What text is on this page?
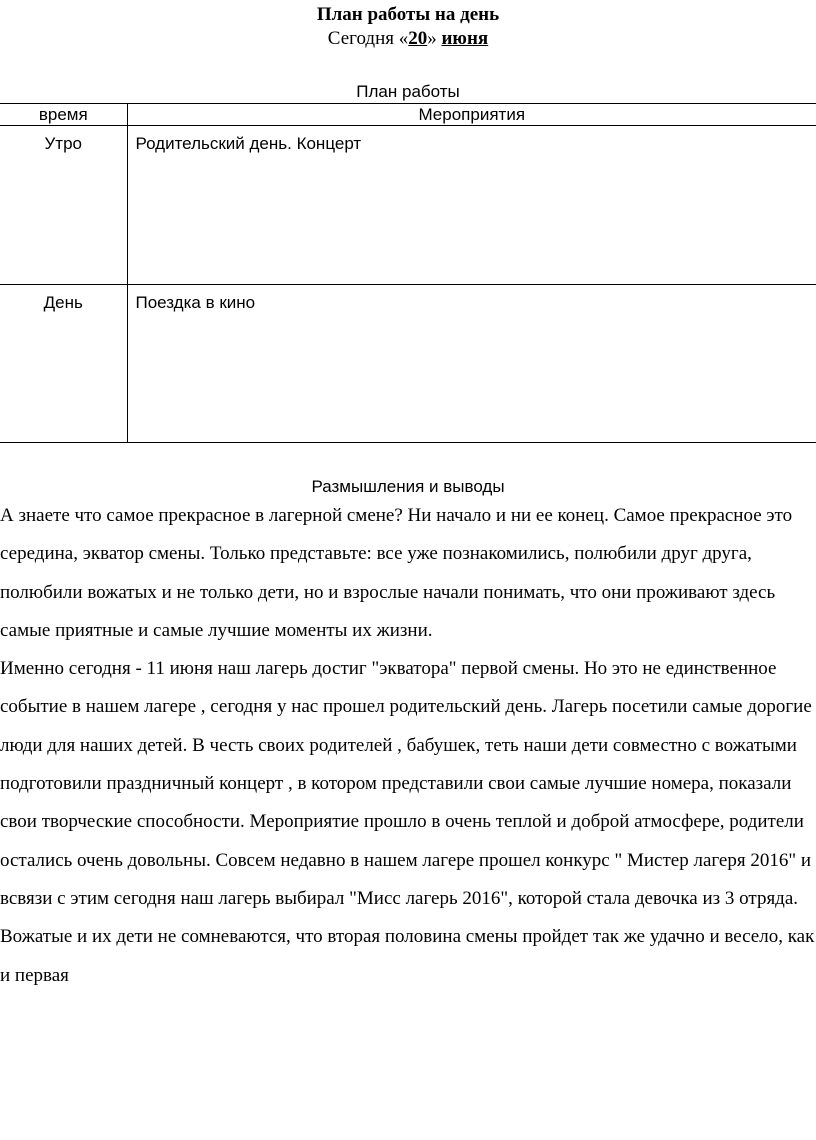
План работы на день
Сегодня «20» июня
План работы
время	Мероприятия
Утро	Родительский день. Концерт
День	Поездка в кино
Размышления и выводы

А знаете что самое прекрасное в лагерной смене? Ни начало и ни ее конец. Самое прекрасное это середина, экватор смены. Только представьте: все уже познакомились, полюбили друг друга, полюбили вожатых и не только дети, но и взрослые начали понимать, что они проживают здесь самые приятные и самые лучшие моменты их жизни.

Именно сегодня - 11 июня наш лагерь достиг "экватора" первой смены. Но это не единственное событие в нашем лагере , сегодня у нас прошел родительский день. Лагерь посетили самые дорогие люди для наших детей. В честь своих родителей , бабушек, теть наши дети совместно с вожатыми подготовили праздничный концерт , в котором представили свои самые лучшие номера, показали свои творческие способности. Мероприятие прошло в очень теплой и доброй атмосфере, родители остались очень довольны. Совсем недавно в нашем лагере прошел конкурс " Мистер лагеря 2016" и всвязи с этим сегодня наш лагерь выбирал "Мисс лагерь 2016", которой стала девочка из 3 отряда.

Вожатые и их дети не сомневаются, что вторая половина смены пройдет так же удачно и весело, как и первая
